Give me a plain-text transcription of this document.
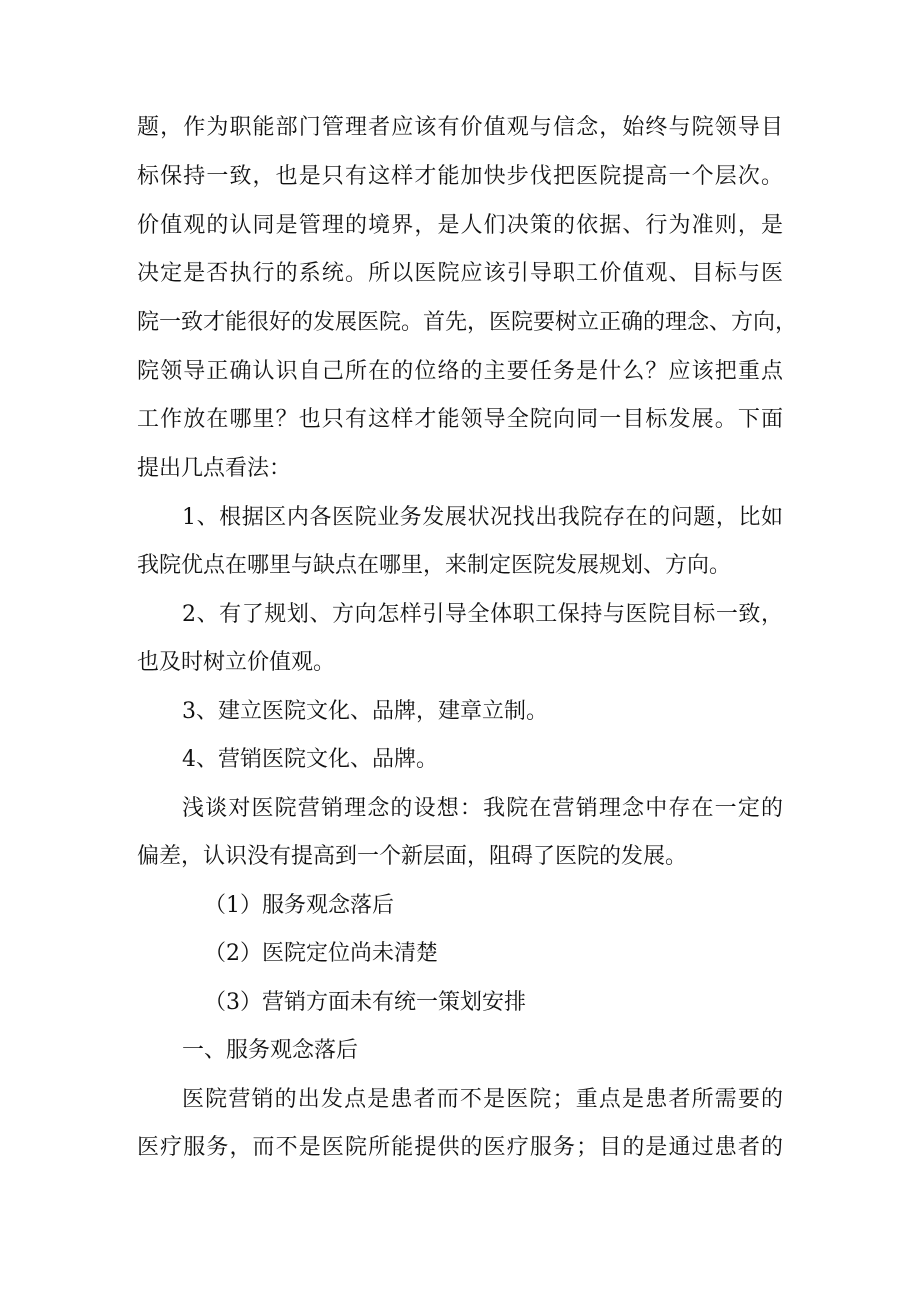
题，作为职能部门管理者应该有价值观与信念，始终与院领导目

标保持一致，也是只有这样才能加快步伐把医院提高一个层次。

价值观的认同是管理的境界，是人们决策的依据、行为准则，是

决定是否执行的系统。所以医院应该引导职工价值观、目标与医

院一致才能很好的发展医院。首先，医院要树立正确的理念、方向，

院领导正确认识自己所在的位络的主要任务是什么？应该把重点

工作放在哪里？也只有这样才能领导全院向同一目标发展。下面

提出几点看法：

1、根据区内各医院业务发展状况找出我院存在的问题，比如

我院优点在哪里与缺点在哪里，来制定医院发展规划、方向。

2、有了规划、方向怎样引导全体职工保持与医院目标一致，

也及时树立价值观。

3、建立医院文化、品牌，建章立制。

4、营销医院文化、品牌。

浅谈对医院营销理念的设想：我院在营销理念中存在一定的

偏差，认识没有提高到一个新层面，阻碍了医院的发展。

（1）服务观念落后

（2）医院定位尚未清楚

（3）营销方面未有统一策划安排

一、服务观念落后

医院营销的出发点是患者而不是医院；重点是患者所需要的

医疗服务，而不是医院所能提供的医疗服务；目的是通过患者的
